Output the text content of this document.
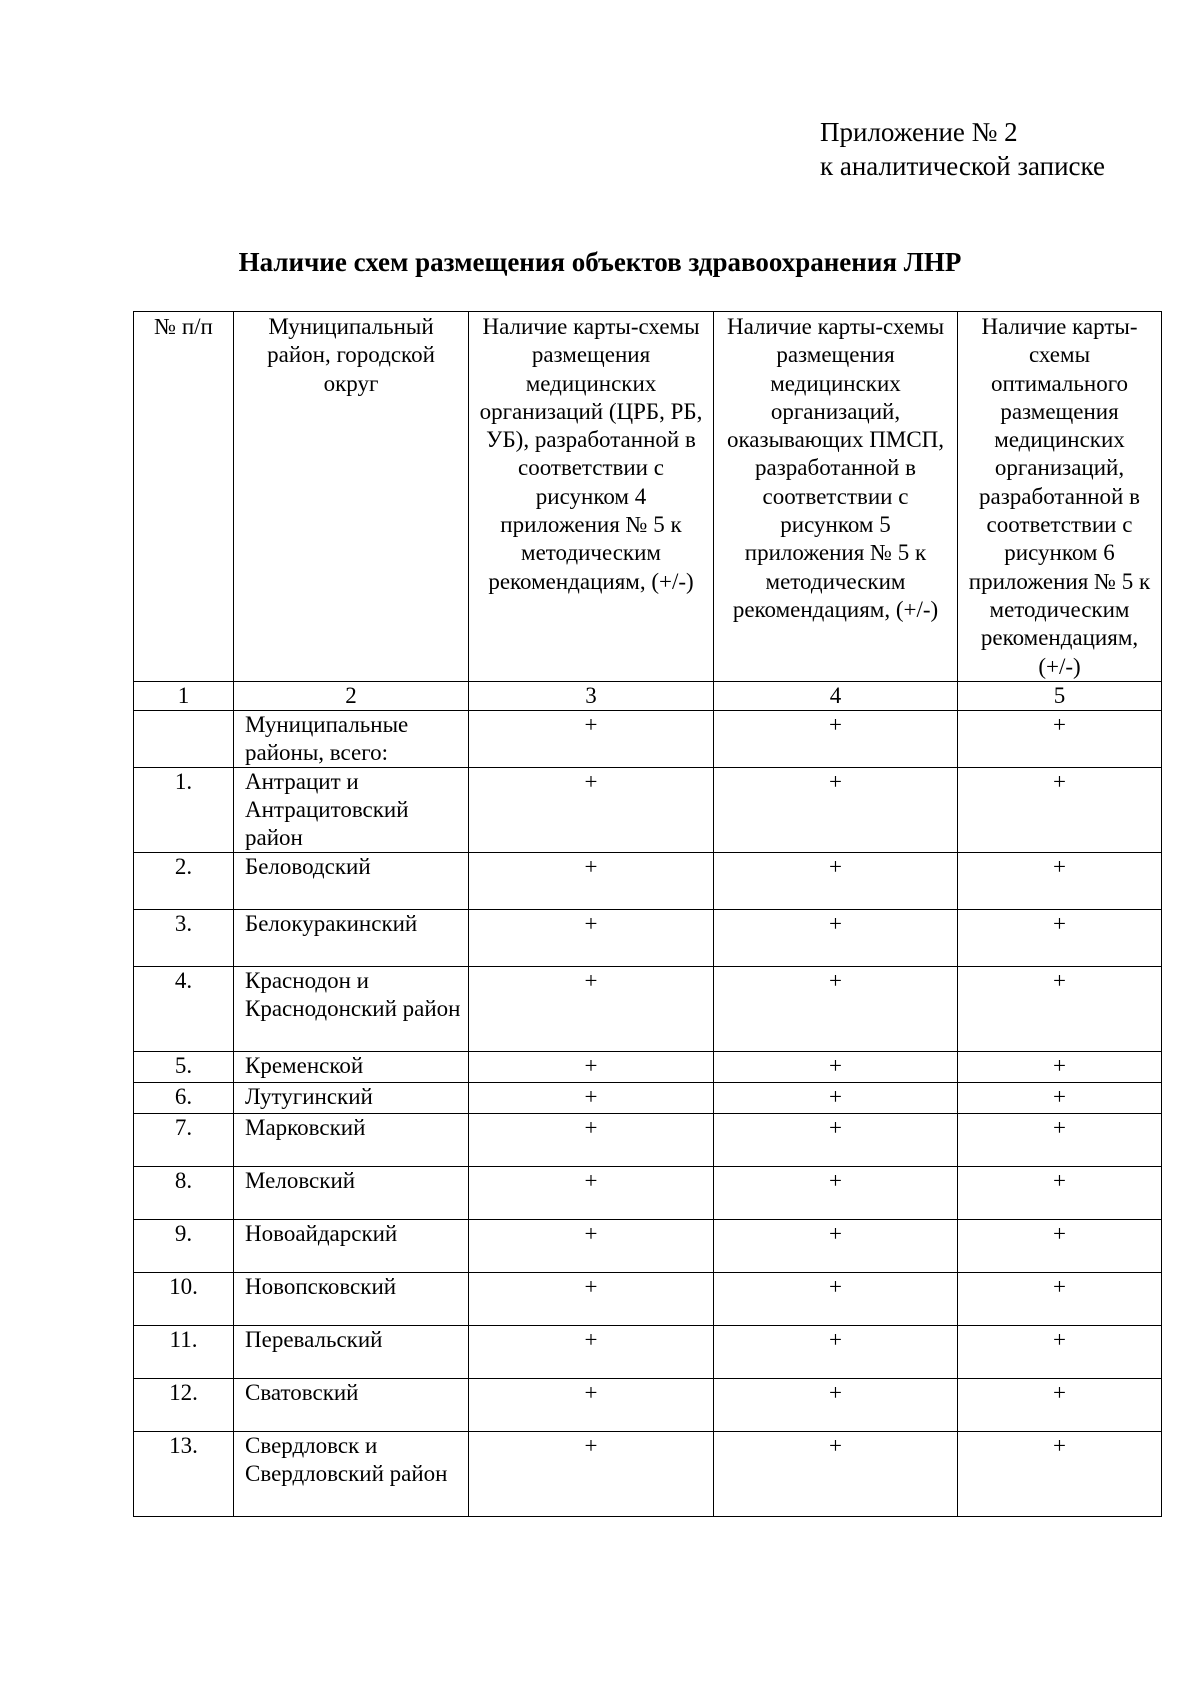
Приложение № 2
к аналитической записке
Наличие схем размещения объектов здравоохранения ЛНР
№ п/п	Муниципальный район, городской округ	Наличие карты-схемы размещения медицинских организаций (ЦРБ, РБ, УБ), разработанной в соответствии с рисунком 4 приложения № 5 к методическим рекомендациям, (+/-)	Наличие карты-схемы размещения медицинских организаций, оказывающих ПМСП, разработанной в соответствии с рисунком 5 приложения № 5 к методическим рекомендациям, (+/-)	Наличие карты-схемы оптимального размещения медицинских организаций, разработанной в соответствии с рисунком 6 приложения № 5 к методическим рекомендациям, (+/-)
1	2	3	4	5
	Муниципальные районы, всего:	+	+	+
1.	Антрацит и Антрацитовский район	+	+	+
2.	Беловодский	+	+	+
3.	Белокуракинский	+	+	+
4.	Краснодон и Краснодонский район	+	+	+
5.	Кременской	+	+	+
6.	Лутугинский	+	+	+
7.	Марковский	+	+	+
8.	Меловский	+	+	+
9.	Новоайдарский	+	+	+
10.	Новопсковский	+	+	+
11.	Перевальский	+	+	+
12.	Сватовский	+	+	+
13.	Свердловск и Свердловский район	+	+	+
